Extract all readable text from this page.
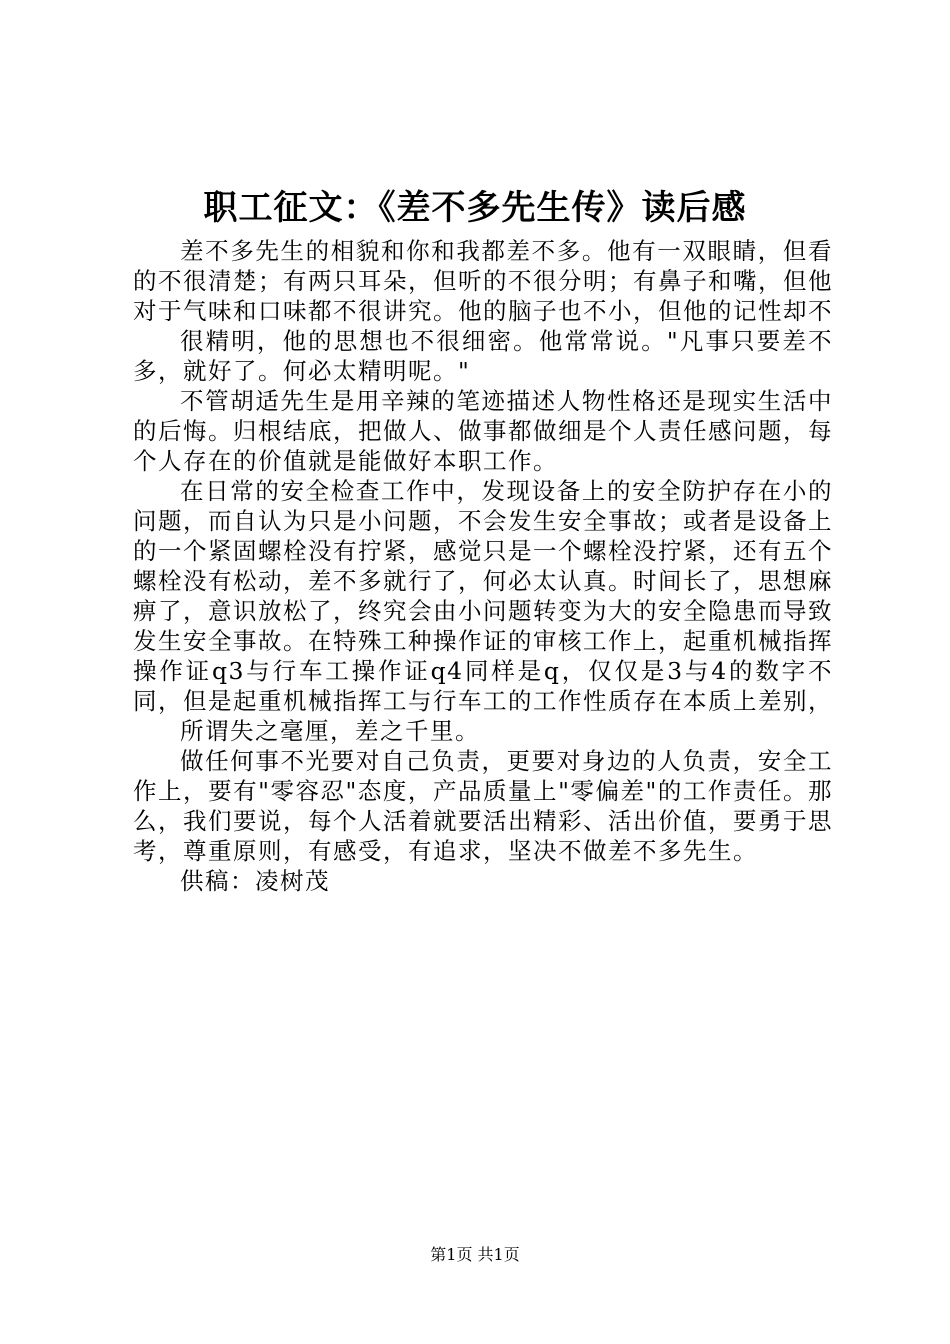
职工征文：《差不多先生传》读后感

差不多先生的相貌和你和我都差不多。他有一双眼睛，但看的不很清楚；有两只耳朵，但听的不很分明；有鼻子和嘴，但他对于气味和口味都不很讲究。他的脑子也不小，但他的记性却不

很精明，他的思想也不很细密。他常常说。"凡事只要差不多，就好了。何必太精明呢。"

不管胡适先生是用辛辣的笔迹描述人物性格还是现实生活中的后悔。归根结底，把做人、做事都做细是个人责任感问题，每个人存在的价值就是能做好本职工作。

在日常的安全检查工作中，发现设备上的安全防护存在小的问题，而自认为只是小问题，不会发生安全事故；或者是设备上的一个紧固螺栓没有拧紧，感觉只是一个螺栓没拧紧，还有五个螺栓没有松动，差不多就行了，何必太认真。时间长了，思想麻痹了，意识放松了，终究会由小问题转变为大的安全隐患而导致发生安全事故。在特殊工种操作证的审核工作上，起重机械指挥操作证q3与行车工操作证q4同样是q，仅仅是3与4的数字不同，但是起重机械指挥工与行车工的工作性质存在本质上差别，

所谓失之毫厘，差之千里。

做任何事不光要对自己负责，更要对身边的人负责，安全工作上，要有"零容忍"态度，产品质量上"零偏差"的工作责任。那么，我们要说，每个人活着就要活出精彩、活出价值，要勇于思考，尊重原则，有感受，有追求，坚决不做差不多先生。

供稿：凌树茂

第1页 共1页
